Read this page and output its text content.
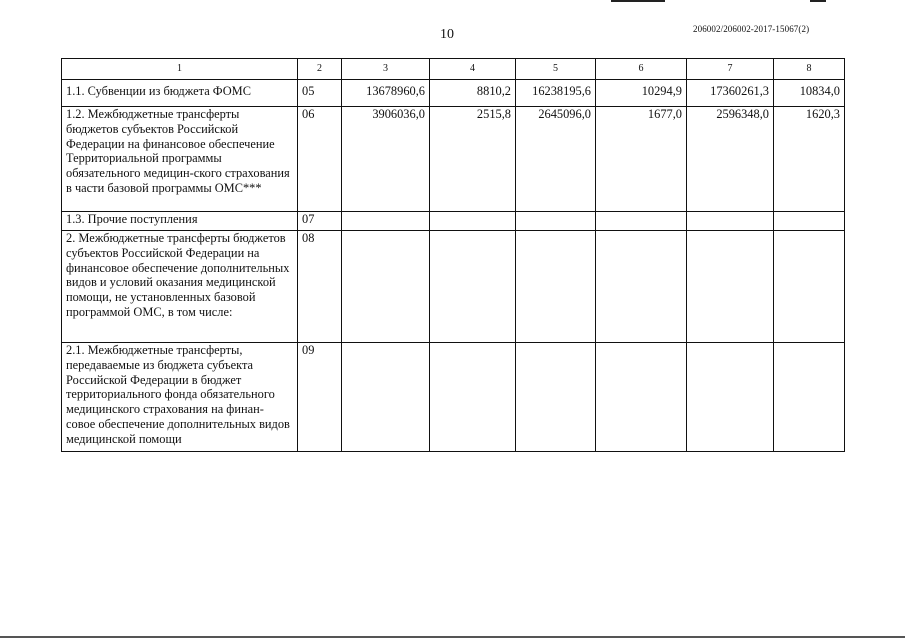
10	206002/206002-2017-15067(2)
1	2	3	4	5	6	7	8
1.1. Субвенции из бюджета ФОМС	05	13678960,6	8810,2	16238195,6	10294,9	17360261,3	10834,0
1.2. Межбюджетные трансферты бюджетов субъектов Российской Федерации на финансовое обеспечение Территориальной программы обязательного медицин-ского страхования в части базовой программы ОМС***	06	3906036,0	2515,8	2645096,0	1677,0	2596348,0	1620,3
1.3. Прочие поступления	07						
2. Межбюджетные трансферты бюджетов субъектов Российской Федерации на финансовое обеспечение дополнительных видов и условий оказания медицинской помощи, не установленных базовой программой ОМС, в том числе:	08						
2.1. Межбюджетные трансферты, передаваемые из бюджета субъекта Российской Федерации в бюджет территориального фонда обязательного медицинского страхования на финан-совое обеспечение дополнительных видов медицинской помощи	09						
